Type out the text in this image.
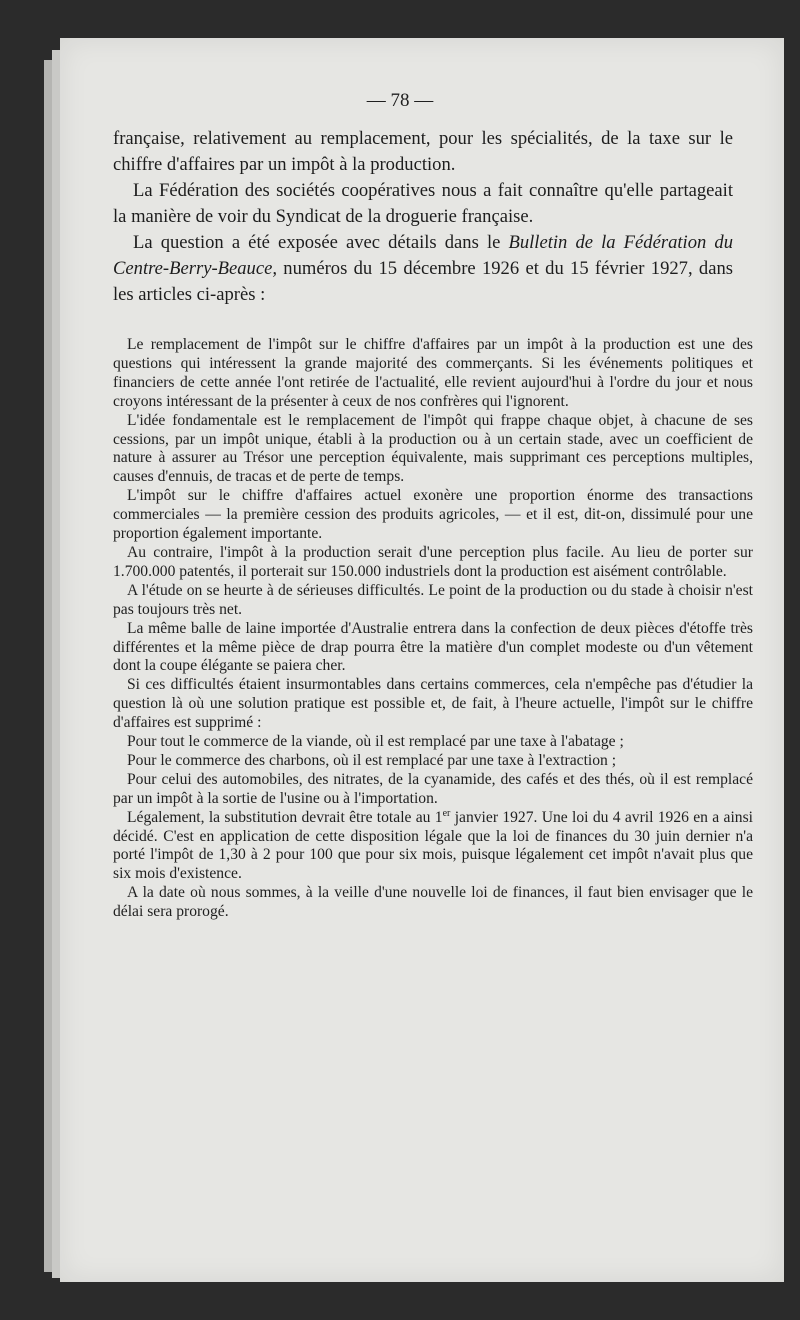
— 78 —

française, relativement au remplacement, pour les spécialités, de la taxe sur le chiffre d'affaires par un impôt à la production.

La Fédération des sociétés coopératives nous a fait connaître qu'elle partageait la manière de voir du Syndicat de la droguerie française.

La question a été exposée avec détails dans le Bulletin de la Fédération du Centre-Berry-Beauce, numéros du 15 décembre 1926 et du 15 février 1927, dans les articles ci-après :

Le remplacement de l'impôt sur le chiffre d'affaires par un impôt à la production est une des questions qui intéressent la grande majorité des commerçants. Si les événements politiques et financiers de cette année l'ont retirée de l'actualité, elle revient aujourd'hui à l'ordre du jour et nous croyons intéressant de la présenter à ceux de nos confrères qui l'ignorent.

L'idée fondamentale est le remplacement de l'impôt qui frappe chaque objet, à chacune de ses cessions, par un impôt unique, établi à la production ou à un certain stade, avec un coefficient de nature à assurer au Trésor une perception équivalente, mais supprimant ces perceptions multiples, causes d'ennuis, de tracas et de perte de temps.

L'impôt sur le chiffre d'affaires actuel exonère une proportion énorme des transactions commerciales — la première cession des produits agricoles, — et il est, dit-on, dissimulé pour une proportion également importante.

Au contraire, l'impôt à la production serait d'une perception plus facile. Au lieu de porter sur 1.700.000 patentés, il porterait sur 150.000 industriels dont la production est aisément contrôlable.

A l'étude on se heurte à de sérieuses difficultés. Le point de la production ou du stade à choisir n'est pas toujours très net.

La même balle de laine importée d'Australie entrera dans la confection de deux pièces d'étoffe très différentes et la même pièce de drap pourra être la matière d'un complet modeste ou d'un vêtement dont la coupe élégante se paiera cher.

Si ces difficultés étaient insurmontables dans certains commerces, cela n'empêche pas d'étudier la question là où une solution pratique est possible et, de fait, à l'heure actuelle, l'impôt sur le chiffre d'affaires est supprimé :

Pour tout le commerce de la viande, où il est remplacé par une taxe à l'abatage ;

Pour le commerce des charbons, où il est remplacé par une taxe à l'extraction ;

Pour celui des automobiles, des nitrates, de la cyanamide, des cafés et des thés, où il est remplacé par un impôt à la sortie de l'usine ou à l'importation.

Légalement, la substitution devrait être totale au 1er janvier 1927. Une loi du 4 avril 1926 en a ainsi décidé. C'est en application de cette disposition légale que la loi de finances du 30 juin dernier n'a porté l'impôt de 1,30 à 2 pour 100 que pour six mois, puisque légalement cet impôt n'avait plus que six mois d'existence.

A la date où nous sommes, à la veille d'une nouvelle loi de finances, il faut bien envisager que le délai sera prorogé.
